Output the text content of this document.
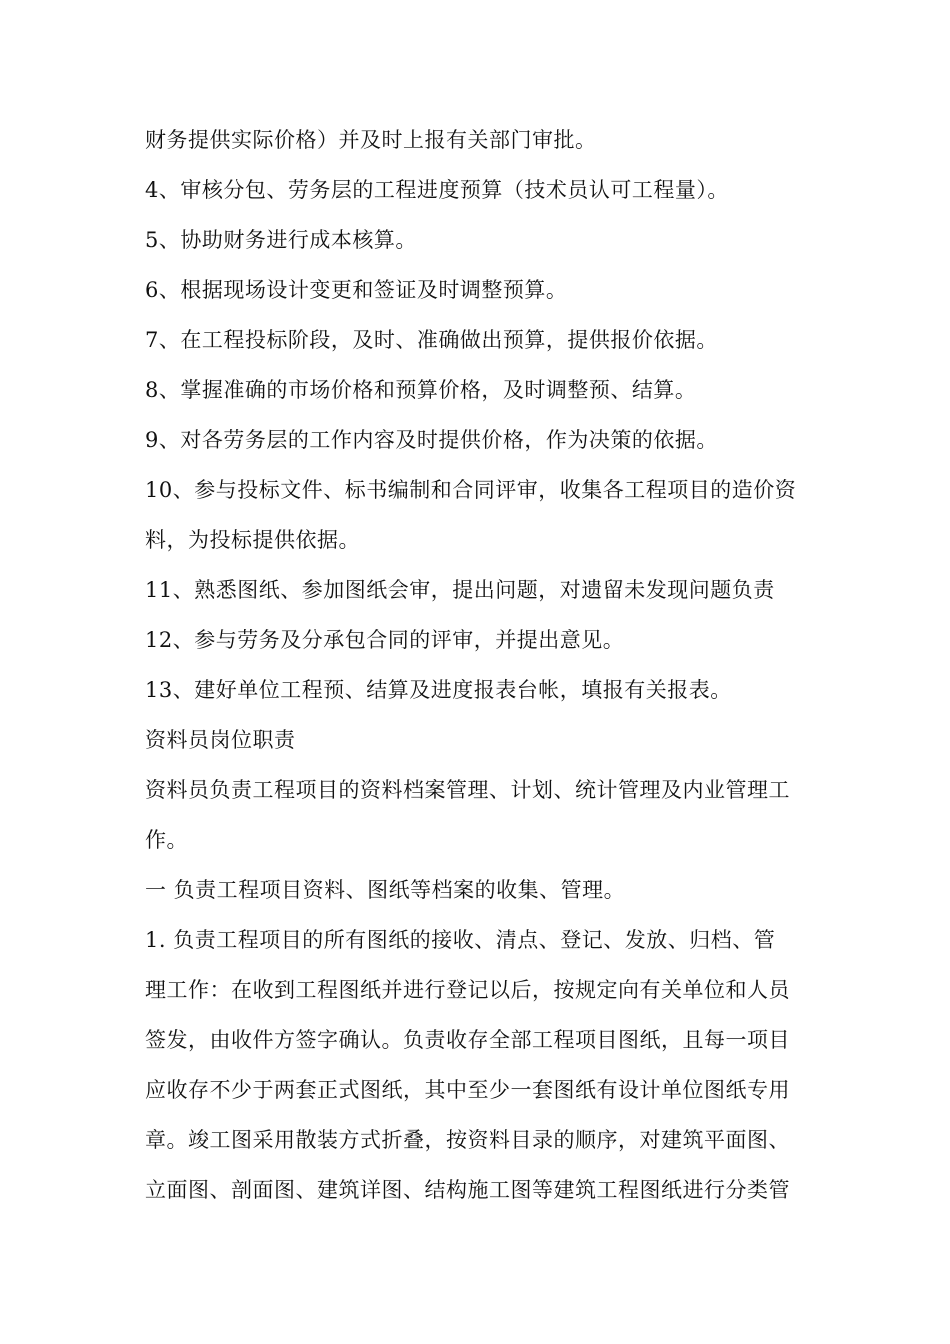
财务提供实际价格）并及时上报有关部门审批。

4、审核分包、劳务层的工程进度预算（技术员认可工程量）。

5、协助财务进行成本核算。

6、根据现场设计变更和签证及时调整预算。

7、在工程投标阶段，及时、准确做出预算，提供报价依据。

8、掌握准确的市场价格和预算价格，及时调整预、结算。

9、对各劳务层的工作内容及时提供价格，作为决策的依据。

10、参与投标文件、标书编制和合同评审，收集各工程项目的造价资

料，为投标提供依据。

11、熟悉图纸、参加图纸会审，提出问题，对遗留未发现问题负责

12、参与劳务及分承包合同的评审，并提出意见。

13、建好单位工程预、结算及进度报表台帐，填报有关报表。

资料员岗位职责

资料员负责工程项目的资料档案管理、计划、统计管理及内业管理工

作。

一 负责工程项目资料、图纸等档案的收集、管理。

1. 负责工程项目的所有图纸的接收、清点、登记、发放、归档、管

理工作：在收到工程图纸并进行登记以后，按规定向有关单位和人员

签发，由收件方签字确认。负责收存全部工程项目图纸，且每一项目

应收存不少于两套正式图纸，其中至少一套图纸有设计单位图纸专用

章。竣工图采用散装方式折叠，按资料目录的顺序，对建筑平面图、

立面图、剖面图、建筑详图、结构施工图等建筑工程图纸进行分类管
